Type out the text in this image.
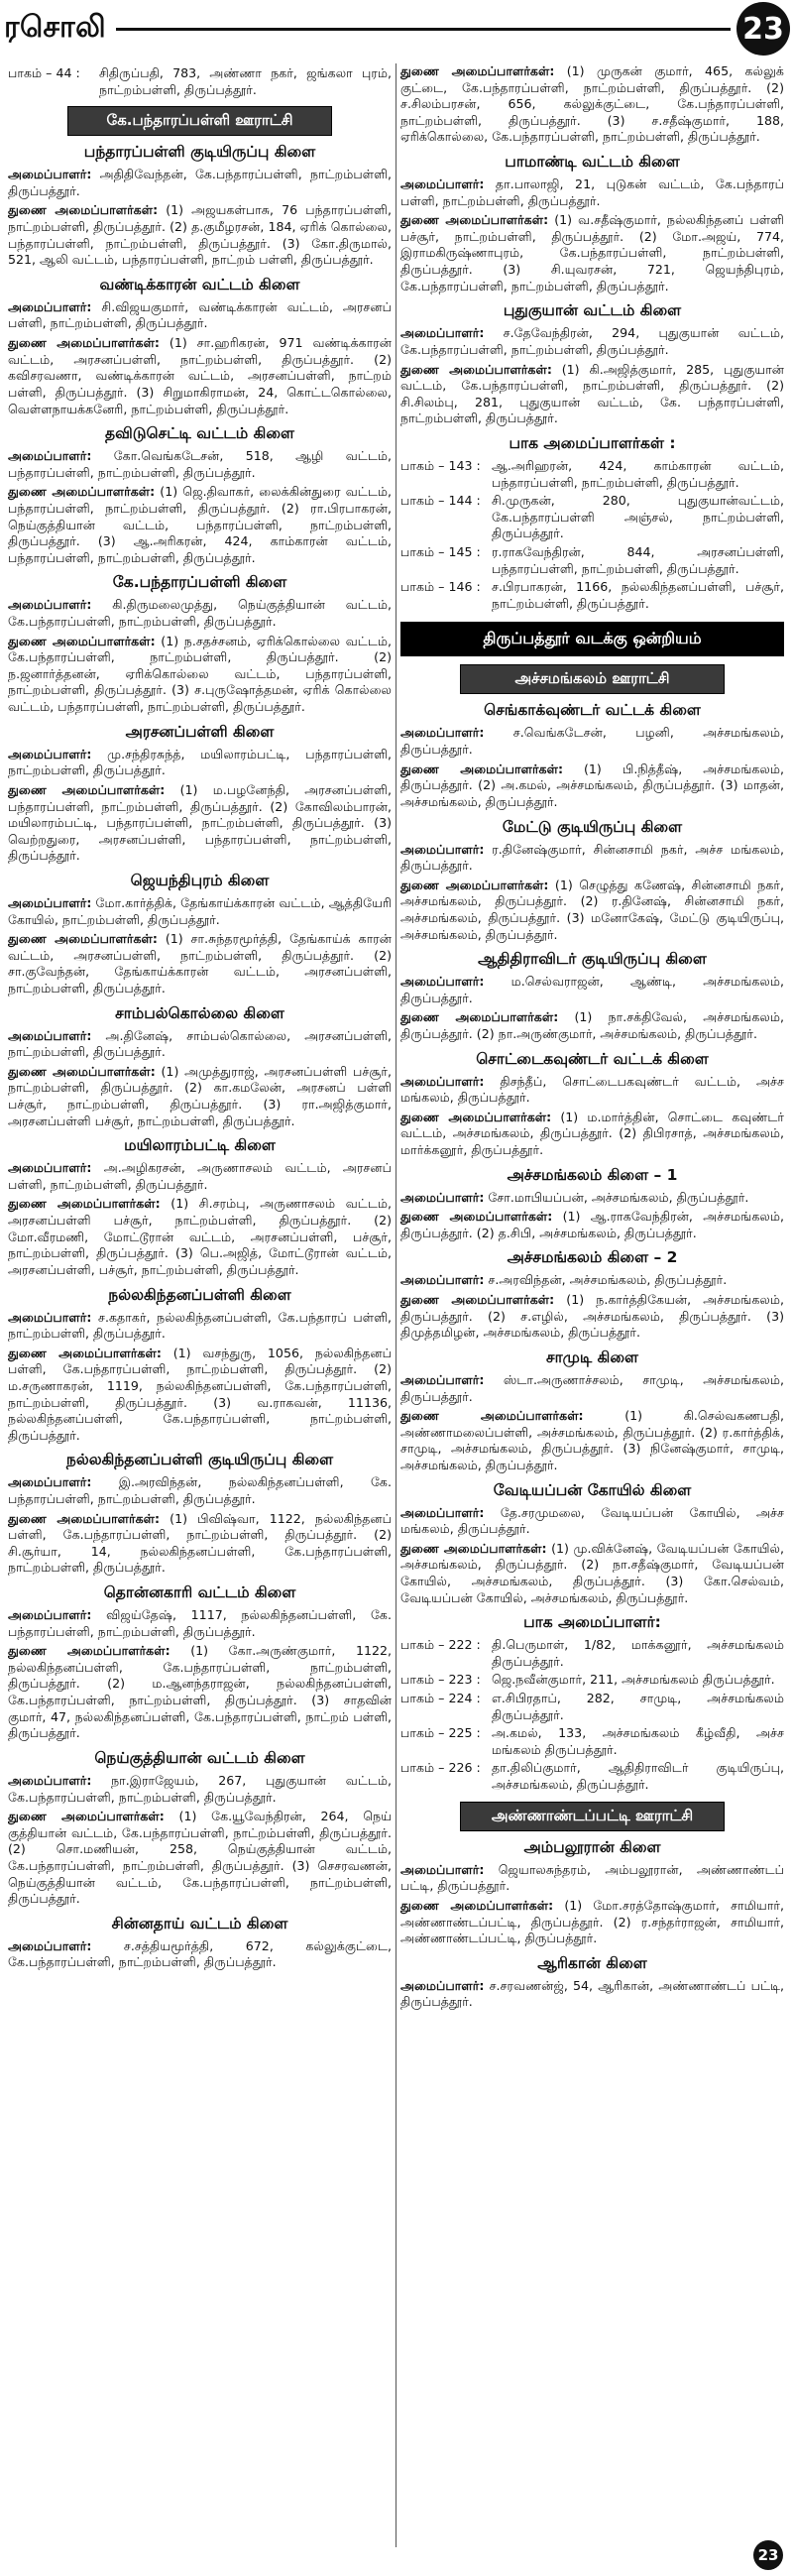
ரசொலி	23
பாகம் – 44 :	சிதிருப்பதி, 783, அண்ணா நகர், ஜங்கலா புரம், நாட்றம்பள்ளி, திருப்பத்தூர்.
கே.பந்தாரப்பள்ளி ஊராட்சி
பந்தாரப்பள்ளி குடியிருப்பு கிளை

அமைப்பாளர்: அதிதிவேந்தன், கே.பந்தாரப்பள்ளி, நாட்றம்பள்ளி, திருப்பத்தூர்.

துணை அமைப்பாளர்கள்: (1) அஜயகள்பாசு, 76 பந்தாரப்பள்ளி, நாட்றம்பள்ளி, திருப்பத்தூர். (2) த.குமீழரசன், 184, ஏரிக் கொல்லை, பந்தாரப்பள்ளி, நாட்றம்பள்ளி, திருப்பத்தூர். (3) கோ.திருமால், 521, ஆலி வட்டம், பந்தாரப்பள்ளி, நாட்றம் பள்ளி, திருப்பத்தூர்.

வண்டிக்காரன் வட்டம் கிளை

அமைப்பாளர்: சி.விஜயகுமார், வண்டிக்காரன் வட்டம், அரசனப் பள்ளி, நாட்றம்பள்ளி, திருப்பத்தூர்.

துணை அமைப்பாளர்கள்: (1) சா.ஹரிகரன், 971 வண்டிக்காரன் வட்டம், அரசனப்பள்ளி, நாட்றம்பள்ளி, திருப்பத்தூர். (2) கவிசரவணா, வண்டிக்காரன் வட்டம், அரசனப்பள்ளி, நாட்றம் பள்ளி, திருப்பத்தூர். (3) சிறுமாகிராமன், 24, கொட்டகொல்லை, வெள்ளநாயக்கனேரி, நாட்றம்பள்ளி, திருப்பத்தூர்.

தவிடுசெட்டி வட்டம் கிளை

அமைப்பாளர்: கோ.வெங்கடேசன், 518, ஆழி வட்டம், பந்தாரப்பள்ளி, நாட்றம்பள்ளி, திருப்பத்தூர்.

துணை அமைப்பாளர்கள்: (1) ஜெ.திவாகர், லைக்கின்துரை வட்டம், பந்தாரப்பள்ளி, நாட்றம்பள்ளி, திருப்பத்தூர். (2) ரா.பிரபாகரன், நெய்குத்தியான் வட்டம், பந்தாரப்பள்ளி, நாட்றம்பள்ளி, திருப்பத்தூர். (3) ஆ.அரிகரன், 424, காம்காரன் வட்டம், பந்தாரப்பள்ளி, நாட்றம்பள்ளி, திருப்பத்தூர்.

கே.பந்தாரப்பள்ளி கிளை

அமைப்பாளர்: கி.திருமலைமுத்து, நெய்குத்தியான் வட்டம், கே.பந்தாரப்பள்ளி, நாட்றம்பள்ளி, திருப்பத்தூர்.

துணை அமைப்பாளர்கள்: (1) ந.சதச்சனம், ஏரிக்கொல்லை வட்டம், கே.பந்தாரப்பள்ளி, நாட்றம்பள்ளி, திருப்பத்தூர். (2) ந.ஜனார்த்தனன், ஏரிக்கொல்லை வட்டம், பந்தாரப்பள்ளி, நாட்றம்பள்ளி, திருப்பத்தூர். (3) ச.புருஷோத்தமன், ஏரிக் கொல்லை வட்டம், பந்தாரப்பள்ளி, நாட்றம்பள்ளி, திருப்பத்தூர்.

அரசனப்பள்ளி கிளை

அமைப்பாளர்: மு.சந்திரசுந்த், மயிலாரம்பட்டி, பந்தாரப்பள்ளி, நாட்றம்பள்ளி, திருப்பத்தூர்.

துணை அமைப்பாளர்கள்: (1) ம.பழனேந்தி, அரசனப்பள்ளி, பந்தாரப்பள்ளி, நாட்றம்பள்ளி, திருப்பத்தூர். (2) கோவிலம்பாரன், மயிலாரம்பட்டி, பந்தாரப்பள்ளி, நாட்றம்பள்ளி, திருப்பத்தூர். (3) வெற்றதுரை, அரசனப்பள்ளி, பந்தாரப்பள்ளி, நாட்றம்பள்ளி, திருப்பத்தூர்.

ஜெயந்திபுரம் கிளை

அமைப்பாளர்: மோ.கார்த்திக், தேங்காய்க்காரன் வட்டம், ஆத்தியேரி கோயில், நாட்றம்பள்ளி, திருப்பத்தூர்.

துணை அமைப்பாளர்கள்: (1) சா.சுந்தரமூர்த்தி, தேங்காய்க் காரன் வட்டம், அரசனப்பள்ளி, நாட்றம்பள்ளி, திருப்பத்தூர். (2) சா.குவேந்தன், தேங்காய்க்காரன் வட்டம், அரசனப்பள்ளி, நாட்றம்பள்ளி, திருப்பத்தூர்.

சாம்பல்கொல்லை கிளை

அமைப்பாளர்: அ.தினேஷ், சாம்பல்கொல்லை, அரசனப்பள்ளி, நாட்றம்பள்ளி, திருப்பத்தூர்.

துணை அமைப்பாளர்கள்: (1) அமுத்துராஜ், அரசனப்பள்ளி பச்சூர், நாட்றம்பள்ளி, திருப்பத்தூர். (2) கா.கமலேன், அரசனப் பள்ளி பச்சூர், நாட்றம்பள்ளி, திருப்பத்தூர். (3) ரா.அஜித்குமார், அரசனப்பள்ளி பச்சூர், நாட்றம்பள்ளி, திருப்பத்தூர்.

மயிலாரம்பட்டி கிளை

அமைப்பாளர்: அ.அழிகரசன், அருணாசலம் வட்டம், அரசனப் பள்ளி, நாட்றம்பள்ளி, திருப்பத்தூர்.

துணை அமைப்பாளர்கள்: (1) சி.சரம்பு, அருணாசலம் வட்டம், அரசனப்பள்ளி பச்சூர், நாட்றம்பள்ளி, திருப்பத்தூர். (2) மோ.வீரமணி, மோட்டூரான் வட்டம், அரசனப்பள்ளி, பச்சூர், நாட்றம்பள்ளி, திருப்பத்தூர். (3) பெ.அஜித், மோட்டூரான் வட்டம், அரசனப்பள்ளி, பச்சூர், நாட்றம்பள்ளி, திருப்பத்தூர்.

நல்லகிந்தனப்பள்ளி கிளை

அமைப்பாளர்: ச.கதாகர், நல்லகிந்தனப்பள்ளி, கே.பந்தாரப் பள்ளி, நாட்றம்பள்ளி, திருப்பத்தூர்.

துணை அமைப்பாளர்கள்: (1) வசந்துரு, 1056, நல்லகிந்தனப் பள்ளி, கே.பந்தாரப்பள்ளி, நாட்றம்பள்ளி, திருப்பத்தூர். (2) ம.சருணாகரன், 1119, நல்லகிந்தனப்பள்ளி, கே.பந்தாரப்பள்ளி, நாட்றம்பள்ளி, திருப்பத்தூர். (3) வ.ராகவன், 11136, நல்லகிந்தனப்பள்ளி, கே.பந்தாரப்பள்ளி, நாட்றம்பள்ளி, திருப்பத்தூர்.

நல்லகிந்தனப்பள்ளி குடியிருப்பு கிளை

அமைப்பாளர்: இ.அரவிந்தன், நல்லகிந்தனப்பள்ளி, கே. பந்தாரப்பள்ளி, நாட்றம்பள்ளி, திருப்பத்தூர்.

துணை அமைப்பாளர்கள்: (1) பிவிஷ்வா, 1122, நல்லகிந்தனப் பள்ளி, கே.பந்தாரப்பள்ளி, நாட்றம்பள்ளி, திருப்பத்தூர். (2) சி.சூர்யா, 14, நல்லகிந்தனப்பள்ளி, கே.பந்தாரப்பள்ளி, நாட்றம்பள்ளி, திருப்பத்தூர்.

தொன்னகாரி வட்டம் கிளை

அமைப்பாளர்: விஜய்தேஷ், 1117, நல்லகிந்தனப்பள்ளி, கே. பந்தாரப்பள்ளி, நாட்றம்பள்ளி, திருப்பத்தூர்.

துணை அமைப்பாளர்கள்: (1) கோ.அருண்குமார், 1122, நல்லகிந்தனப்பள்ளி, கே.பந்தாரப்பள்ளி, நாட்றம்பள்ளி, திருப்பத்தூர். (2) ம.ஆனந்தராஜன், நல்லகிந்தனப்பள்ளி, கே.பந்தாரப்பள்ளி, நாட்றம்பள்ளி, திருப்பத்தூர். (3) சாதவின் குமார், 47, நல்லகிந்தனப்பள்ளி, கே.பந்தாரப்பள்ளி, நாட்றம் பள்ளி, திருப்பத்தூர்.

நெய்குத்தியான் வட்டம் கிளை

அமைப்பாளர்: நா.இராஜேயம், 267, புதுகுயான் வட்டம், கே.பந்தாரப்பள்ளி, நாட்றம்பள்ளி, திருப்பத்தூர்.

துணை அமைப்பாளர்கள்: (1) கே.யூவேந்திரன், 264, நெய் குத்தியான் வட்டம், கே.பந்தாரப்பள்ளி, நாட்றம்பள்ளி, திருப்பத்தூர். (2) சொ.மணியன், 258, நெய்குத்தியான் வட்டம், கே.பந்தாரப்பள்ளி, நாட்றம்பள்ளி, திருப்பத்தூர். (3) செசரவணன், நெய்குத்தியான் வட்டம், கே.பந்தாரப்பள்ளி, நாட்றம்பள்ளி, திருப்பத்தூர்.

சின்னதாய் வட்டம் கிளை

அமைப்பாளர்: ச.சத்தியமூர்த்தி, 672, கல்லுக்குட்டை, கே.பந்தாரப்பள்ளி, நாட்றம்பள்ளி, திருப்பத்தூர்.

துணை அமைப்பாளர்கள்: (1) முருகன் குமார், 465, கல்லுக் குட்டை, கே.பந்தாரப்பள்ளி, நாட்றம்பள்ளி, திருப்பத்தூர். (2) ச.சிலம்பரசன், 656, கல்லுக்குட்டை, கே.பந்தாரப்பள்ளி, நாட்றம்பள்ளி, திருப்பத்தூர். (3) ச.சதீஷ்குமார், 188, ஏரிக்கொல்லை, கே.பந்தாரப்பள்ளி, நாட்றம்பள்ளி, திருப்பத்தூர்.

பாமாண்டி வட்டம் கிளை

அமைப்பாளர்: தா.பாலாஜி, 21, புடுகன் வட்டம், கே.பந்தாரப் பள்ளி, நாட்றம்பள்ளி, திருப்பத்தூர்.

துணை அமைப்பாளர்கள்: (1) வ.சதீஷ்குமார், நல்லகிந்தனப் பள்ளி பச்சூர், நாட்றம்பள்ளி, திருப்பத்தூர். (2) மோ.அஜய், 774, இராமகிருஷ்ணாபுரம், கே.பந்தாரப்பள்ளி, நாட்றம்பள்ளி, திருப்பத்தூர். (3) சி.யுவரசன், 721, ஜெயந்திபுரம், கே.பந்தாரப்பள்ளி, நாட்றம்பள்ளி, திருப்பத்தூர்.

புதுகுயான் வட்டம் கிளை

அமைப்பாளர்: ச.தேவேந்திரன், 294, புதுகுயான் வட்டம், கே.பந்தாரப்பள்ளி, நாட்றம்பள்ளி, திருப்பத்தூர்.

துணை அமைப்பாளர்கள்: (1) கி.அஜித்குமார், 285, புதுகுயான் வட்டம், கே.பந்தாரப்பள்ளி, நாட்றம்பள்ளி, திருப்பத்தூர். (2) சி.சிலம்பு, 281, புதுகுயான் வட்டம், கே. பந்தாரப்பள்ளி, நாட்றம்பள்ளி, திருப்பத்தூர்.

பாக அமைப்பாளர்கள் :
பாகம் – 143 : ஆ.அரிஹரன், 424, காம்காரன் வட்டம், பந்தாரப்பள்ளி, நாட்றம்பள்ளி, திருப்பத்தூர்.
பாகம் – 144 : சி.முருகன், 280, புதுகுயான்வட்டம், கே.பந்தாரப்பள்ளி அஞ்சல், நாட்றம்பள்ளி, திருப்பத்தூர்.
பாகம் – 145 : ர.ராகவேந்திரன், 844, அரசனப்பள்ளி, பந்தாரப்பள்ளி, நாட்றம்பள்ளி, திருப்பத்தூர்.
பாகம் – 146 : ச.பிரபாகரன், 1166, நல்லகிந்தனப்பள்ளி, பச்சூர், நாட்றம்பள்ளி, திருப்பத்தூர்.
திருப்பத்தூர் வடக்கு ஒன்றியம்
அச்சமங்கலம் ஊராட்சி
செங்காக்வுண்டர் வட்டக் கிளை

அமைப்பாளர்: ச.வெங்கடேசன், பழனி, அச்சமங்கலம், திருப்பத்தூர்.

துணை அமைப்பாளர்கள்: (1) பி.நித்தீஷ், அச்சமங்கலம், திருப்பத்தூர். (2) அ.கமல், அச்சமங்கலம், திருப்பத்தூர். (3) மாதன், அச்சமங்கலம், திருப்பத்தூர்.

மேட்டு குடியிருப்பு கிளை

அமைப்பாளர்: ர.தினேஷ்குமார், சின்னசாமி நகர், அச்ச மங்கலம், திருப்பத்தூர்.

துணை அமைப்பாளர்கள்: (1) செழுத்து கணேஷ், சின்னசாமி நகர், அச்சமங்கலம், திருப்பத்தூர். (2) ர.தினேஷ், சின்னசாமி நகர், அச்சமங்கலம், திருப்பத்தூர். (3) மனோகேஷ், மேட்டு குடியிருப்பு, அச்சமங்கலம், திருப்பத்தூர்.

ஆதிதிராவிடர் குடியிருப்பு கிளை

அமைப்பாளர்: ம.செல்வராஜன், ஆண்டி, அச்சமங்கலம், திருப்பத்தூர்.

துணை அமைப்பாளர்கள்: (1) நா.சக்திவேல், அச்சமங்கலம், திருப்பத்தூர். (2) நா.அருண்குமார், அச்சமங்கலம், திருப்பத்தூர்.

சொட்டைகவுண்டர் வட்டக் கிளை

அமைப்பாளர்: திசந்தீப், சொட்டைபகவுண்டர் வட்டம், அச்ச மங்கலம், திருப்பத்தூர்.

துணை அமைப்பாளர்கள்: (1) ம.மார்த்தின், சொட்டை கவுண்டர் வட்டம், அச்சமங்கலம், திருப்பத்தூர். (2) திபிரசாத், அச்சமங்கலம், மார்க்கனூர், திருப்பத்தூர்.

அச்சமங்கலம் கிளை – 1

அமைப்பாளர்: சோ.மாபியப்பன், அச்சமங்கலம், திருப்பத்தூர்.

துணை அமைப்பாளர்கள்: (1) ஆ.ராகவேந்திரன், அச்சமங்கலம், திருப்பத்தூர். (2) த.சிபி, அச்சமங்கலம், திருப்பத்தூர்.

அச்சமங்கலம் கிளை – 2

அமைப்பாளர்: ச.அரவிந்தன், அச்சமங்கலம், திருப்பத்தூர்.

துணை அமைப்பாளர்கள்: (1) ந.கார்த்திகேயன், அச்சமங்கலம், திருப்பத்தூர். (2) ச.எழில், அச்சமங்கலம், திருப்பத்தூர். (3) திமுத்தமிழன், அச்சமங்கலம், திருப்பத்தூர்.

சாமுடி கிளை

அமைப்பாளர்: ஸ்டா.அருணாச்சலம், சாமுடி, அச்சமங்கலம், திருப்பத்தூர்.

துணை அமைப்பாளர்கள்: (1) கி.செல்வகணபதி, அண்ணாமலைப்பள்ளி, அச்சமங்கலம், திருப்பத்தூர். (2) ர.கார்த்திக், சாமுடி, அச்சமங்கலம், திருப்பத்தூர். (3) நினேஷ்குமார், சாமுடி, அச்சமங்கலம், திருப்பத்தூர்.

வேடியப்பன் கோயில் கிளை

அமைப்பாளர்: தே.சரமுமலை, வேடியப்பன் கோயில், அச்ச மங்கலம், திருப்பத்தூர்.

துணை அமைப்பாளர்கள்: (1) மு.விக்னேஷ், வேடியப்பன் கோயில், அச்சமங்கலம், திருப்பத்தூர். (2) நா.சதீஷ்குமார், வேடியப்பன் கோயில், அச்சமங்கலம், திருப்பத்தூர். (3) கோ.செல்வம், வேடியப்பன் கோயில், அச்சமங்கலம், திருப்பத்தூர்.

பாக அமைப்பாளர்:
பாகம் – 222 : தி.பெருமாள், 1/82, மாக்கனூர், அச்சமங்கலம் திருப்பத்தூர்.
பாகம் – 223 : ஜெ.நவீன்குமார், 211, அச்சமங்கலம் திருப்பத்தூர்.
பாகம் – 224 : எ.சிபிரதாப், 282, சாமுடி, அச்சமங்கலம் திருப்பத்தூர்.
பாகம் – 225 : அ.கமல், 133, அச்சமங்கலம் கீழ்வீதி, அச்ச மங்கலம் திருப்பத்தூர்.
பாகம் – 226 : தா.திலிப்குமார், ஆதிதிராவிடர் குடியிருப்பு, அச்சமங்கலம், திருப்பத்தூர்.
அண்ணாண்டப்பட்டி ஊராட்சி
அம்பலூரான் கிளை

அமைப்பாளர்: ஜெயாலசுந்தரம், அம்பலூரான், அண்ணாண்டப் பட்டி, திருப்பத்தூர்.

துணை அமைப்பாளர்கள்: (1) மோ.சரத்தோஷ்குமார், சாமியார், அண்ணாண்டப்பட்டி, திருப்பத்தூர். (2) ர.சந்தர்ராஜன், சாமியார், அண்ணாண்டப்பட்டி, திருப்பத்தூர்.

ஆரிகான் கிளை

அமைப்பாளர்: ச.சரவணன்ஜ், 54, ஆரிகான், அண்ணாண்டப் பட்டி, திருப்பத்தூர்.

23
